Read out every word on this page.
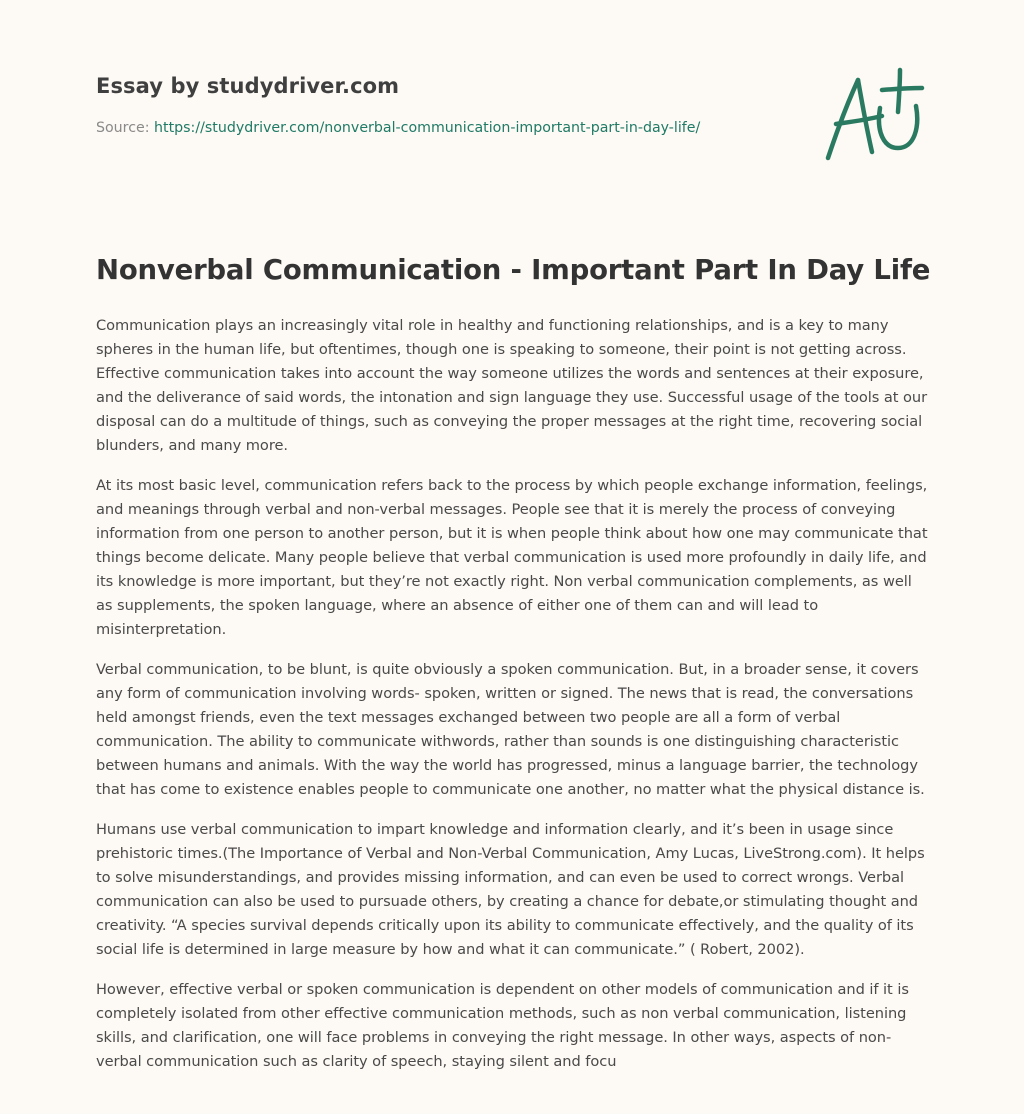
Essay by studydriver.com
Source: https://studydriver.com/nonverbal-communication-important-part-in-day-life/
Nonverbal Communication - Important Part In Day Life

Communication plays an increasingly vital role in healthy and functioning relationships, and is a key to many spheres in the human life, but oftentimes, though one is speaking to someone, their point is not getting across. Effective communication takes into account the way someone utilizes the words and sentences at their exposure, and the deliverance of said words, the intonation and sign language they use. Successful usage of the tools at our disposal can do a multitude of things, such as conveying the proper messages at the right time, recovering social blunders, and many more.

At its most basic level, communication refers back to the process by which people exchange information, feelings, and meanings through verbal and non-verbal messages. People see that it is merely the process of conveying information from one person to another person, but it is when people think about how one may communicate that things become delicate. Many people believe that verbal communication is used more profoundly in daily life, and its knowledge is more important, but they’re not exactly right. Non verbal communication complements, as well as supplements, the spoken language, where an absence of either one of them can and will lead to misinterpretation.

Verbal communication, to be blunt, is quite obviously a spoken communication. But, in a broader sense, it covers any form of communication involving words- spoken, written or signed. The news that is read, the conversations held amongst friends, even the text messages exchanged between two people are all a form of verbal communication. The ability to communicate withwords, rather than sounds is one distinguishing characteristic between humans and animals. With the way the world has progressed, minus a language barrier, the technology that has come to existence enables people to communicate one another, no matter what the physical distance is.

Humans use verbal communication to impart knowledge and information clearly, and it’s been in usage since prehistoric times.(The Importance of Verbal and Non-Verbal Communication, Amy Lucas, LiveStrong.com). It helps to solve misunderstandings, and provides missing information, and can even be used to correct wrongs. Verbal communication can also be used to pursuade others, by creating a chance for debate,or stimulating thought and creativity. “A species survival depends critically upon its ability to communicate effectively, and the quality of its social life is determined in large measure by how and what it can communicate.” ( Robert, 2002).

However, effective verbal or spoken communication is dependent on other models of communication and if it is completely isolated from other effective communication methods, such as non verbal communication, listening skills, and clarification, one will face problems in conveying the right message. In other ways, aspects of non-verbal communication such as clarity of speech, staying silent and focu
